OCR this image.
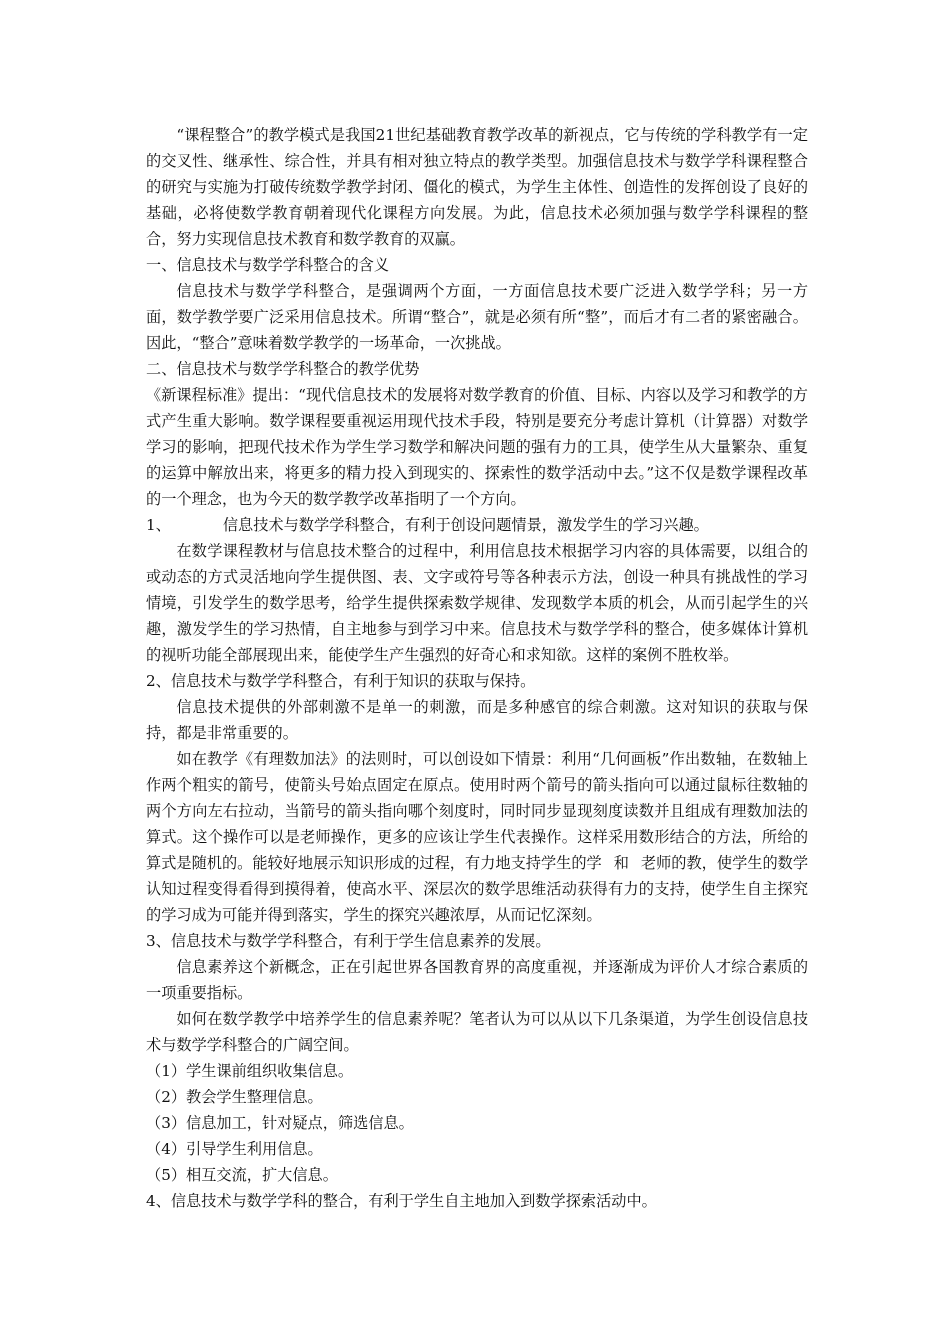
“课程整合”的教学模式是我国21世纪基础教育教学改革的新视点，它与传统的学科教学有一定的交叉性、继承性、综合性，并具有相对独立特点的教学类型。加强信息技术与数学学科课程整合的研究与实施为打破传统数学教学封闭、僵化的模式，为学生主体性、创造性的发挥创设了良好的基础，必将使数学教育朝着现代化课程方向发展。为此，信息技术必须加强与数学学科课程的整合，努力实现信息技术教育和数学教育的双赢。

一、信息技术与数学学科整合的含义

信息技术与数学学科整合，是强调两个方面，一方面信息技术要广泛进入数学学科；另一方面，数学教学要广泛采用信息技术。所谓“整合”，就是必须有所“整”，而后才有二者的紧密融合。因此，“整合”意味着数学教学的一场革命，一次挑战。

二、信息技术与数学学科整合的教学优势

《新课程标准》提出：“现代信息技术的发展将对数学教育的价值、目标、内容以及学习和教学的方式产生重大影响。数学课程要重视运用现代技术手段，特别是要充分考虑计算机（计算器）对数学学习的影响，把现代技术作为学生学习数学和解决问题的强有力的工具，使学生从大量繁杂、重复的运算中解放出来，将更多的精力投入到现实的、探索性的数学活动中去。”这不仅是数学课程改革的一个理念，也为今天的数学教学改革指明了一个方向。

1、	信息技术与数学学科整合，有利于创设问题情景，激发学生的学习兴趣。

在数学课程教材与信息技术整合的过程中，利用信息技术根据学习内容的具体需要，以组合的或动态的方式灵活地向学生提供图、表、文字或符号等各种表示方法，创设一种具有挑战性的学习情境，引发学生的数学思考，给学生提供探索数学规律、发现数学本质的机会，从而引起学生的兴趣，激发学生的学习热情，自主地参与到学习中来。信息技术与数学学科的整合，使多媒体计算机的视听功能全部展现出来，能使学生产生强烈的好奇心和求知欲。这样的案例不胜枚举。

2、信息技术与数学学科整合，有利于知识的获取与保持。

信息技术提供的外部刺激不是单一的刺激，而是多种感官的综合刺激。这对知识的获取与保持，都是非常重要的。

如在教学《有理数加法》的法则时，可以创设如下情景：利用“几何画板”作出数轴，在数轴上作两个粗实的箭号，使箭头号始点固定在原点。使用时两个箭号的箭头指向可以通过鼠标往数轴的两个方向左右拉动，当箭号的箭头指向哪个刻度时，同时同步显现刻度读数并且组成有理数加法的算式。这个操作可以是老师操作，更多的应该让学生代表操作。这样采用数形结合的方法，所给的算式是随机的。能较好地展示知识形成的过程，有力地支持学生的学 和 老师的教，使学生的数学认知过程变得看得到摸得着，使高水平、深层次的数学思维活动获得有力的支持，使学生自主探究的学习成为可能并得到落实，学生的探究兴趣浓厚，从而记忆深刻。

3、信息技术与数学学科整合，有利于学生信息素养的发展。

信息素养这个新概念，正在引起世界各国教育界的高度重视，并逐渐成为评价人才综合素质的一项重要指标。

如何在数学教学中培养学生的信息素养呢？笔者认为可以从以下几条渠道，为学生创设信息技术与数学学科整合的广阔空间。

（1）学生课前组织收集信息。

（2）教会学生整理信息。

（3）信息加工，针对疑点，筛选信息。

（4）引导学生利用信息。

（5）相互交流，扩大信息。

4、信息技术与数学学科的整合，有利于学生自主地加入到数学探索活动中。
